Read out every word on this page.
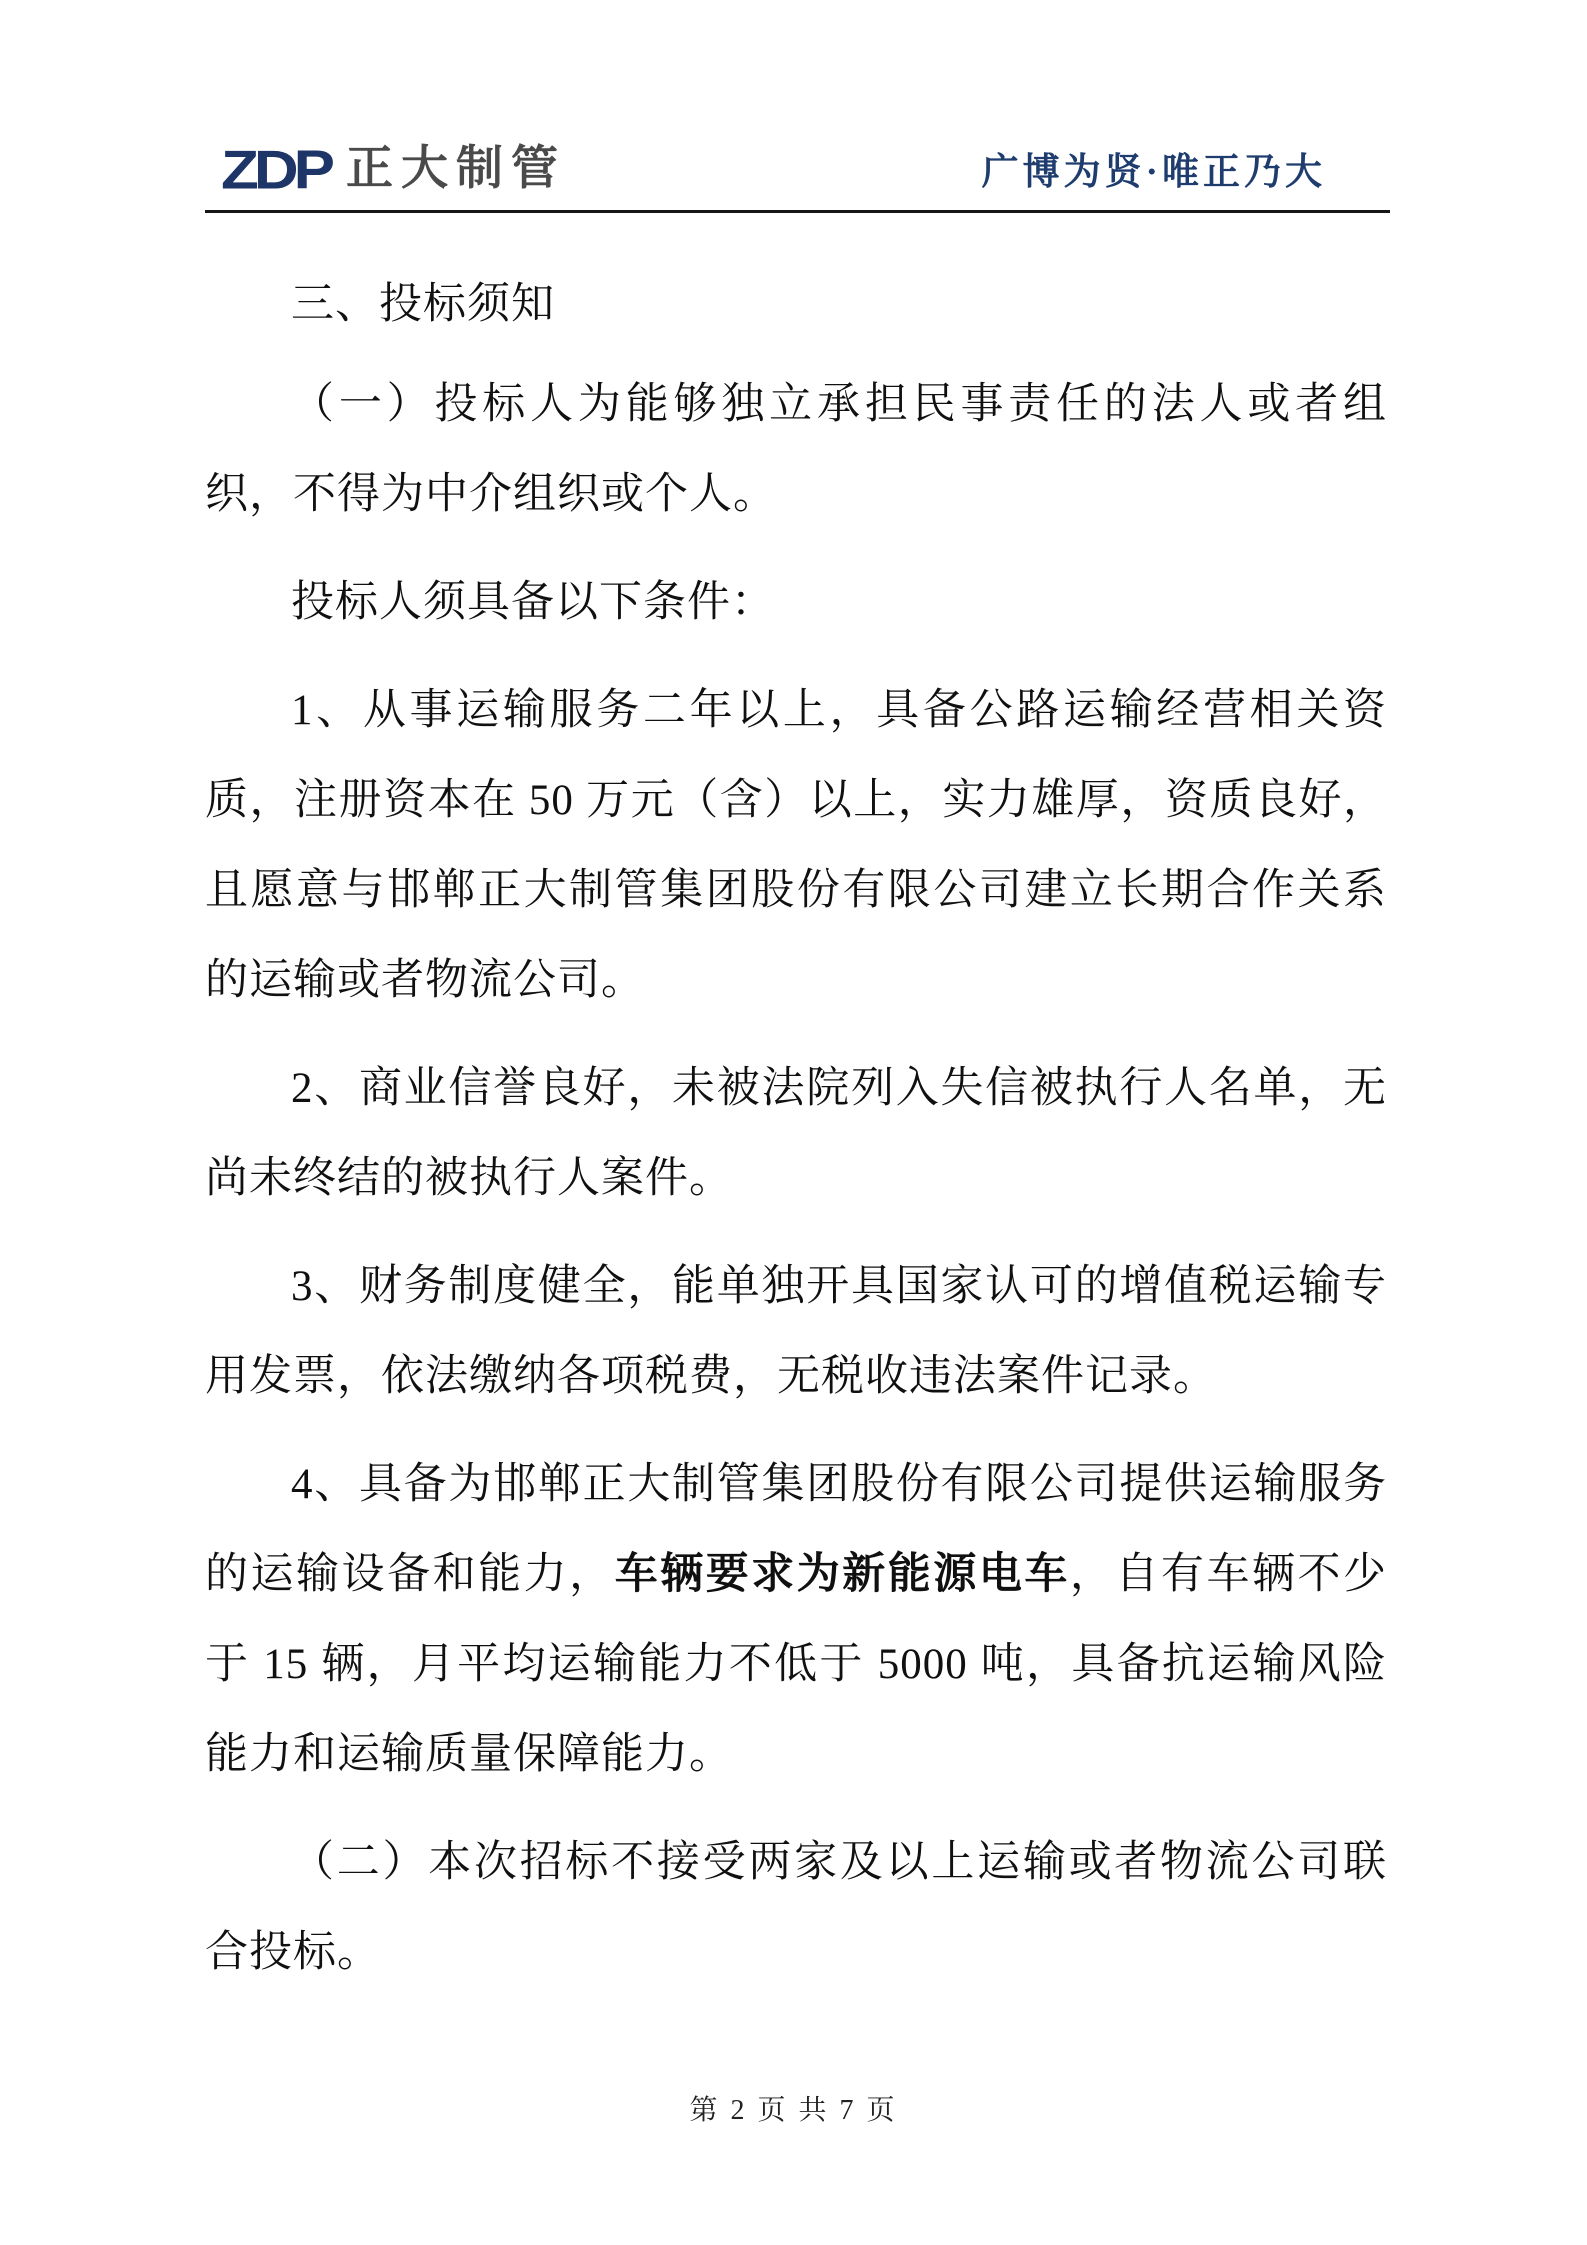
ZDP 正大制管	广博为贤·唯正乃大

三、投标须知

（一）投标人为能够独立承担民事责任的法人或者组织，不得为中介组织或个人。

投标人须具备以下条件：

1、从事运输服务二年以上，具备公路运输经营相关资质，注册资本在 50 万元（含）以上，实力雄厚，资质良好，且愿意与邯郸正大制管集团股份有限公司建立长期合作关系的运输或者物流公司。

2、商业信誉良好，未被法院列入失信被执行人名单，无尚未终结的被执行人案件。

3、财务制度健全，能单独开具国家认可的增值税运输专用发票，依法缴纳各项税费，无税收违法案件记录。

4、具备为邯郸正大制管集团股份有限公司提供运输服务的运输设备和能力，车辆要求为新能源电车，自有车辆不少于 15 辆，月平均运输能力不低于 5000 吨，具备抗运输风险能力和运输质量保障能力。

（二）本次招标不接受两家及以上运输或者物流公司联合投标。

第 2 页 共 7 页
